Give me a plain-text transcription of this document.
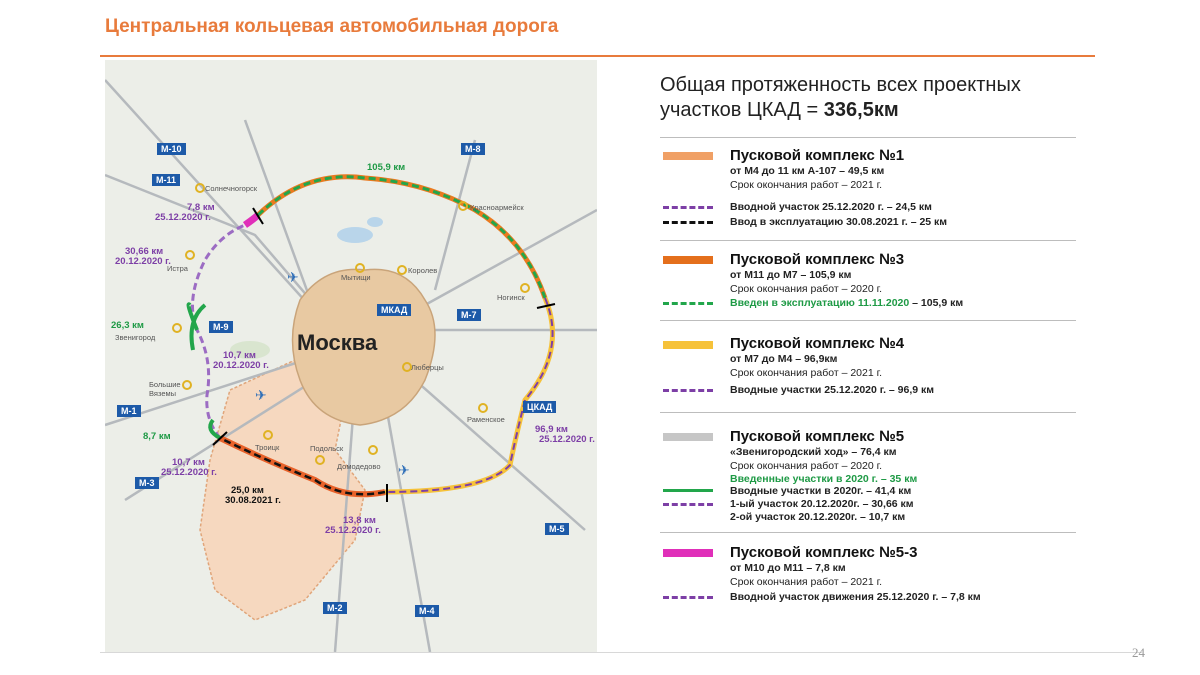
Центральная кольцевая автомобильная дорога
✈
✈
✈
Москва
МКАД
ЦКАД
М-10
М-11
М-8
М-9
М-7
М-1
М-3
М-2	М-4
М-5
Солнечногорск
Красноармейск
Истра
Мытищи
Королев
Ногинск
Звенигород
Люберцы
Большие
Вяземы
Раменское
Троицк	Подольск
Домодедово
105,9 км
7,8 км
25.12.2020 г.
30,66 км
20.12.2020 г.
26,3 км
10,7 км
20.12.2020 г.
8,7 км
10,7 км
25.12.2020 г.
25,0 км
30.08.2021 г.
13,8 км
25.12.2020 г.
96,9 км
25.12.2020 г.
Общая протяженность всех проектных
участков ЦКАД = 336,5км
Пусковой комплекс №1
от М4 до 11 км А-107 – 49,5 км
Срок окончания работ – 2021 г.
Вводной участок 25.12.2020 г. – 24,5 км
Ввод в эксплуатацию 30.08.2021 г. – 25 км
Пусковой комплекс №3
от М11 до М7 – 105,9 км
Срок окончания работ – 2020 г.
Введен в эксплуатацию 11.11.2020 – 105,9 км
Пусковой комплекс №4
от М7 до М4 – 96,9км
Срок окончания работ – 2021 г.
Вводные участки 25.12.2020 г. – 96,9 км
Пусковой комплекс №5
«Звенигородский ход» – 76,4 км
Срок окончания работ – 2020 г.
Введенные участки в 2020 г. – 35 км
Вводные участки в 2020г. – 41,4 км
1-ый участок 20.12.2020г. – 30,66 км
2-ой участок 20.12.2020г. – 10,7 км
Пусковой комплекс №5-3
от М10 до М11 – 7,8 км
Срок окончания работ – 2021 г.
Вводной участок движения 25.12.2020 г. – 7,8 км
24
